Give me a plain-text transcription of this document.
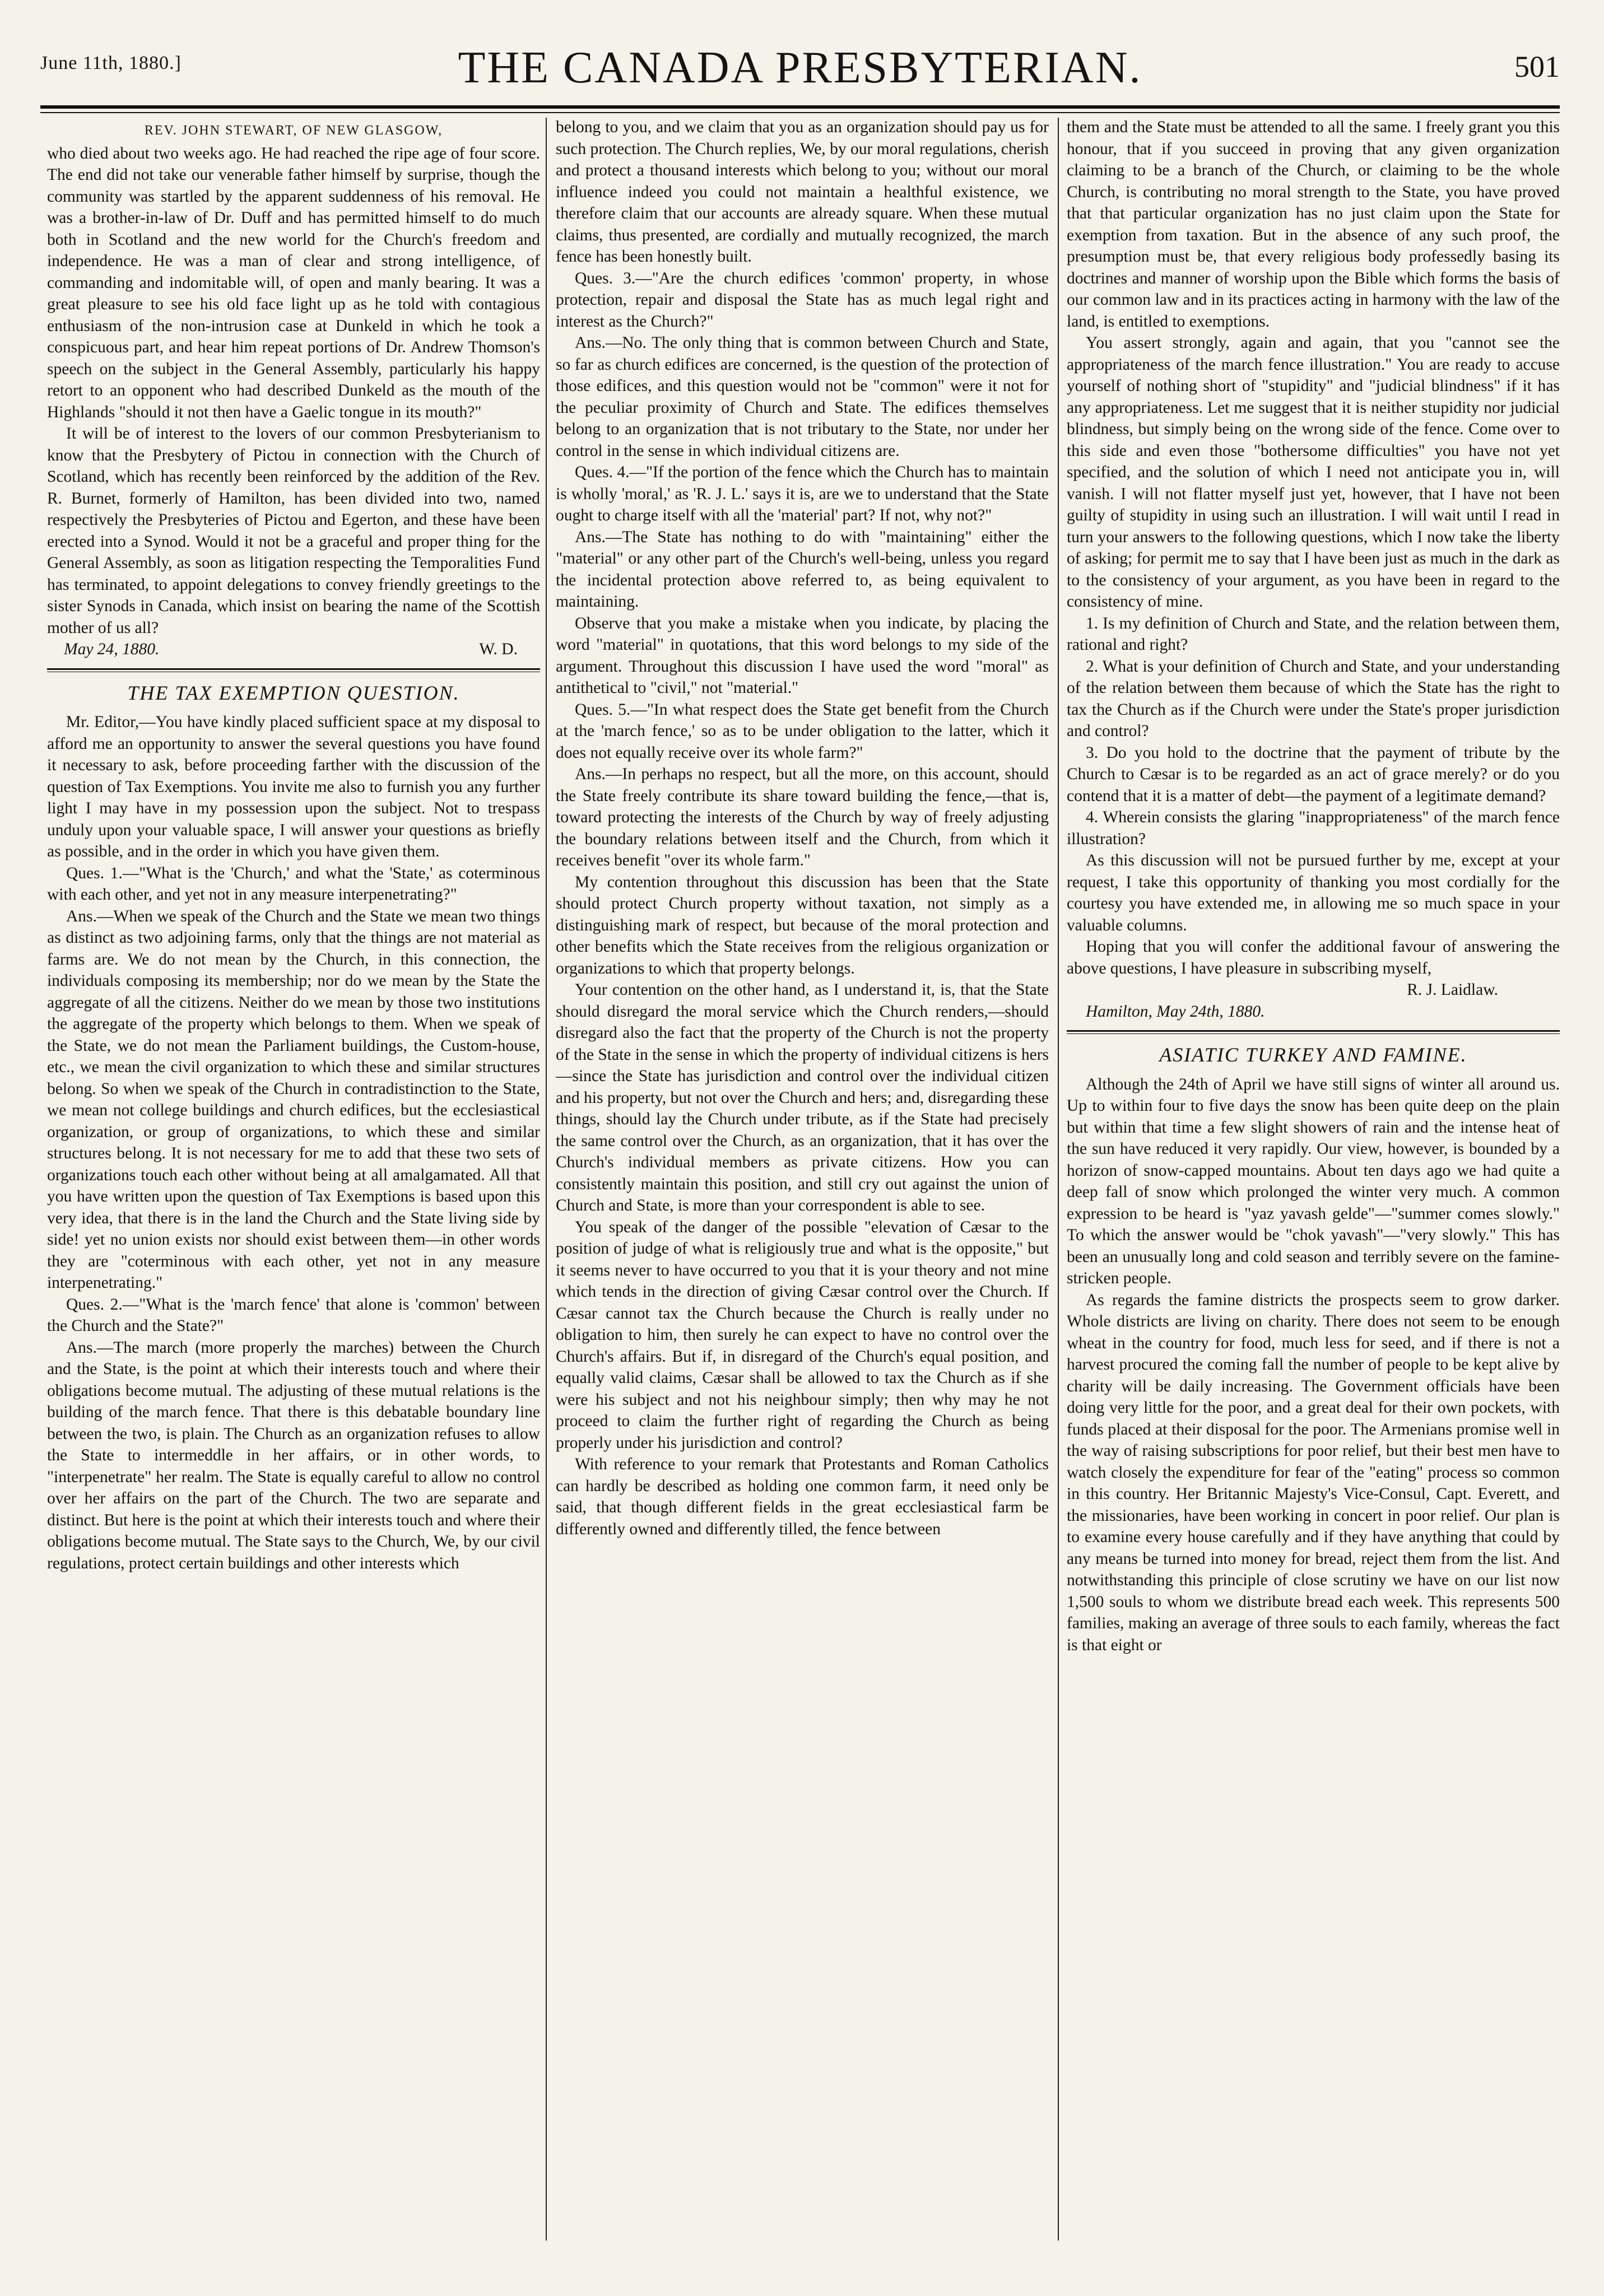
June 11th, 1880.]	THE CANADA PRESBYTERIAN.	501
REV. JOHN STEWART, OF NEW GLASGOW,

who died about two weeks ago. He had reached the ripe age of four score. The end did not take our venerable father himself by surprise, though the community was startled by the apparent suddenness of his removal. He was a brother-in-law of Dr. Duff and has permitted himself to do much both in Scotland and the new world for the Church's freedom and independence. He was a man of clear and strong intelligence, of commanding and indomitable will, of open and manly bearing. It was a great pleasure to see his old face light up as he told with contagious enthusiasm of the non-intrusion case at Dunkeld in which he took a conspicuous part, and hear him repeat portions of Dr. Andrew Thomson's speech on the subject in the General Assembly, particularly his happy retort to an opponent who had described Dunkeld as the mouth of the Highlands "should it not then have a Gaelic tongue in its mouth?"

It will be of interest to the lovers of our common Presbyterianism to know that the Presbytery of Pictou in connection with the Church of Scotland, which has recently been reinforced by the addition of the Rev. R. Burnet, formerly of Hamilton, has been divided into two, named respectively the Presbyteries of Pictou and Egerton, and these have been erected into a Synod. Would it not be a graceful and proper thing for the General Assembly, as soon as litigation respecting the Temporalities Fund has terminated, to appoint delegations to convey friendly greetings to the sister Synods in Canada, which insist on bearing the name of the Scottish mother of us all?

May 24, 1880.	W. D.
THE TAX EXEMPTION QUESTION.

Mr. Editor,—You have kindly placed sufficient space at my disposal to afford me an opportunity to answer the several questions you have found it necessary to ask, before proceeding farther with the discussion of the question of Tax Exemptions. You invite me also to furnish you any further light I may have in my possession upon the subject. Not to trespass unduly upon your valuable space, I will answer your questions as briefly as possible, and in the order in which you have given them.

Ques. 1.—"What is the 'Church,' and what the 'State,' as coterminous with each other, and yet not in any measure interpenetrating?"

Ans.—When we speak of the Church and the State we mean two things as distinct as two adjoining farms, only that the things are not material as farms are. We do not mean by the Church, in this connection, the individuals composing its membership; nor do we mean by the State the aggregate of all the citizens. Neither do we mean by those two institutions the aggregate of the property which belongs to them. When we speak of the State, we do not mean the Parliament buildings, the Custom-house, etc., we mean the civil organization to which these and similar structures belong. So when we speak of the Church in contradistinction to the State, we mean not college buildings and church edifices, but the ecclesiastical organization, or group of organizations, to which these and similar structures belong. It is not necessary for me to add that these two sets of organizations touch each other without being at all amalgamated. All that you have written upon the question of Tax Exemptions is based upon this very idea, that there is in the land the Church and the State living side by side! yet no union exists nor should exist between them—in other words they are "coterminous with each other, yet not in any measure interpenetrating."

Ques. 2.—"What is the 'march fence' that alone is 'common' between the Church and the State?"

Ans.—The march (more properly the marches) between the Church and the State, is the point at which their interests touch and where their obligations become mutual. The adjusting of these mutual relations is the building of the march fence. That there is this debatable boundary line between the two, is plain. The Church as an organization refuses to allow the State to intermeddle in her affairs, or in other words, to "interpenetrate" her realm. The State is equally careful to allow no control over her affairs on the part of the Church. The two are separate and distinct. But here is the point at which their interests touch and where their obligations become mutual. The State says to the Church, We, by our civil regulations, protect certain buildings and other interests which

belong to you, and we claim that you as an organization should pay us for such protection. The Church replies, We, by our moral regulations, cherish and protect a thousand interests which belong to you; without our moral influence indeed you could not maintain a healthful existence, we therefore claim that our accounts are already square. When these mutual claims, thus presented, are cordially and mutually recognized, the march fence has been honestly built.

Ques. 3.—"Are the church edifices 'common' property, in whose protection, repair and disposal the State has as much legal right and interest as the Church?"

Ans.—No. The only thing that is common between Church and State, so far as church edifices are concerned, is the question of the protection of those edifices, and this question would not be "common" were it not for the peculiar proximity of Church and State. The edifices themselves belong to an organization that is not tributary to the State, nor under her control in the sense in which individual citizens are.

Ques. 4.—"If the portion of the fence which the Church has to maintain is wholly 'moral,' as 'R. J. L.' says it is, are we to understand that the State ought to charge itself with all the 'material' part? If not, why not?"

Ans.—The State has nothing to do with "maintaining" either the "material" or any other part of the Church's well-being, unless you regard the incidental protection above referred to, as being equivalent to maintaining.

Observe that you make a mistake when you indicate, by placing the word "material" in quotations, that this word belongs to my side of the argument. Throughout this discussion I have used the word "moral" as antithetical to "civil," not "material."

Ques. 5.—"In what respect does the State get benefit from the Church at the 'march fence,' so as to be under obligation to the latter, which it does not equally receive over its whole farm?"

Ans.—In perhaps no respect, but all the more, on this account, should the State freely contribute its share toward building the fence,—that is, toward protecting the interests of the Church by way of freely adjusting the boundary relations between itself and the Church, from which it receives benefit "over its whole farm."

My contention throughout this discussion has been that the State should protect Church property without taxation, not simply as a distinguishing mark of respect, but because of the moral protection and other benefits which the State receives from the religious organization or organizations to which that property belongs.

Your contention on the other hand, as I understand it, is, that the State should disregard the moral service which the Church renders,—should disregard also the fact that the property of the Church is not the property of the State in the sense in which the property of individual citizens is hers—since the State has jurisdiction and control over the individual citizen and his property, but not over the Church and hers; and, disregarding these things, should lay the Church under tribute, as if the State had precisely the same control over the Church, as an organization, that it has over the Church's individual members as private citizens. How you can consistently maintain this position, and still cry out against the union of Church and State, is more than your correspondent is able to see.

You speak of the danger of the possible "elevation of Cæsar to the position of judge of what is religiously true and what is the opposite," but it seems never to have occurred to you that it is your theory and not mine which tends in the direction of giving Cæsar control over the Church. If Cæsar cannot tax the Church because the Church is really under no obligation to him, then surely he can expect to have no control over the Church's affairs. But if, in disregard of the Church's equal position, and equally valid claims, Cæsar shall be allowed to tax the Church as if she were his subject and not his neighbour simply; then why may he not proceed to claim the further right of regarding the Church as being properly under his jurisdiction and control?

With reference to your remark that Protestants and Roman Catholics can hardly be described as holding one common farm, it need only be said, that though different fields in the great ecclesiastical farm be differently owned and differently tilled, the fence between

them and the State must be attended to all the same. I freely grant you this honour, that if you succeed in proving that any given organization claiming to be a branch of the Church, or claiming to be the whole Church, is contributing no moral strength to the State, you have proved that that particular organization has no just claim upon the State for exemption from taxation. But in the absence of any such proof, the presumption must be, that every religious body professedly basing its doctrines and manner of worship upon the Bible which forms the basis of our common law and in its practices acting in harmony with the law of the land, is entitled to exemptions.

You assert strongly, again and again, that you "cannot see the appropriateness of the march fence illustration." You are ready to accuse yourself of nothing short of "stupidity" and "judicial blindness" if it has any appropriateness. Let me suggest that it is neither stupidity nor judicial blindness, but simply being on the wrong side of the fence. Come over to this side and even those "bothersome difficulties" you have not yet specified, and the solution of which I need not anticipate you in, will vanish. I will not flatter myself just yet, however, that I have not been guilty of stupidity in using such an illustration. I will wait until I read in turn your answers to the following questions, which I now take the liberty of asking; for permit me to say that I have been just as much in the dark as to the consistency of your argument, as you have been in regard to the consistency of mine.

1. Is my definition of Church and State, and the relation between them, rational and right?

2. What is your definition of Church and State, and your understanding of the relation between them because of which the State has the right to tax the Church as if the Church were under the State's proper jurisdiction and control?

3. Do you hold to the doctrine that the payment of tribute by the Church to Cæsar is to be regarded as an act of grace merely? or do you contend that it is a matter of debt—the payment of a legitimate demand?

4. Wherein consists the glaring "inappropriateness" of the march fence illustration?

As this discussion will not be pursued further by me, except at your request, I take this opportunity of thanking you most cordially for the courtesy you have extended me, in allowing me so much space in your valuable columns.

Hoping that you will confer the additional favour of answering the above questions, I have pleasure in subscribing myself,

R. J. Laidlaw.

Hamilton, May 24th, 1880.

ASIATIC TURKEY AND FAMINE.

Although the 24th of April we have still signs of winter all around us. Up to within four to five days the snow has been quite deep on the plain but within that time a few slight showers of rain and the intense heat of the sun have reduced it very rapidly. Our view, however, is bounded by a horizon of snow-capped mountains. About ten days ago we had quite a deep fall of snow which prolonged the winter very much. A common expression to be heard is "yaz yavash gelde"—"summer comes slowly." To which the answer would be "chok yavash"—"very slowly." This has been an unusually long and cold season and terribly severe on the famine-stricken people.

As regards the famine districts the prospects seem to grow darker. Whole districts are living on charity. There does not seem to be enough wheat in the country for food, much less for seed, and if there is not a harvest procured the coming fall the number of people to be kept alive by charity will be daily increasing. The Government officials have been doing very little for the poor, and a great deal for their own pockets, with funds placed at their disposal for the poor. The Armenians promise well in the way of raising subscriptions for poor relief, but their best men have to watch closely the expenditure for fear of the "eating" process so common in this country. Her Britannic Majesty's Vice-Consul, Capt. Everett, and the missionaries, have been working in concert in poor relief. Our plan is to examine every house carefully and if they have anything that could by any means be turned into money for bread, reject them from the list. And notwithstanding this principle of close scrutiny we have on our list now 1,500 souls to whom we distribute bread each week. This represents 500 families, making an average of three souls to each family, whereas the fact is that eight or
